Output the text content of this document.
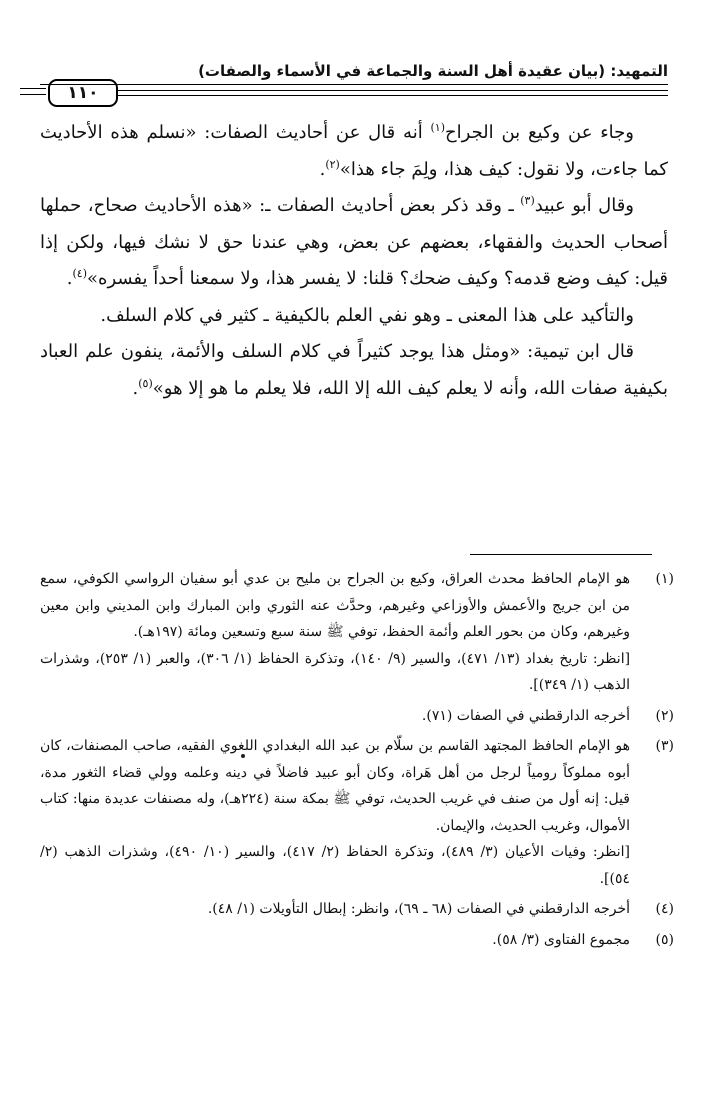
التمهيد: (بيان عقيدة أهل السنة والجماعة في الأسماء والصفات)
١١٠

وجاء عن وكيع بن الجراح$^{(١)}$ أنه قال عن أحاديث الصفات: «نسلم هذه الأحاديث كما جاءت، ولا نقول: كيف هذا، ولِمَ جاء هذا»$^{(٢)}$.

وقال أبو عبيد$^{(٣)}$ ـ وقد ذكر بعض أحاديث الصفات ـ: «هذه الأحاديث صحاح، حملها أصحاب الحديث والفقهاء، بعضهم عن بعض، وهي عندنا حق لا نشك فيها، ولكن إذا قيل: كيف وضع قدمه؟ وكيف ضحك؟ قلنا: لا يفسر هذا، ولا سمعنا أحداً يفسره»$^{(٤)}$.

والتأكيد على هذا المعنى ـ وهو نفي العلم بالكيفية ـ كثير في كلام السلف.

قال ابن تيمية: «ومثل هذا يوجد كثيراً في كلام السلف والأئمة، ينفون علم العباد بكيفية صفات الله، وأنه لا يعلم كيف الله إلا الله، فلا يعلم ما هو إلا هو»$^{(٥)}$.

(١)
هو الإمام الحافظ محدث العراق، وكيع بن الجراح بن مليح بن عدي أبو سفيان الرواسي الكوفي، سمع من ابن جريج والأعمش والأوزاعي وغيرهم، وحدَّث عنه الثوري وابن المبارك وابن المديني وابن معين وغيرهم، وكان من بحور العلم وأئمة الحفظ، توفي ﷺ سنة سبع وتسعين ومائة (١٩٧هـ).
[انظر: تاريخ بغداد (١٣/ ٤٧١)، والسير (٩/ ١٤٠)، وتذكرة الحفاظ (١/ ٣٠٦)، والعبر (١/ ٢٥٣)، وشذرات الذهب (١/ ٣٤٩)].
(٢)
أخرجه الدارقطني في الصفات (٧١).
(٣)
هو الإمام الحافظ المجتهد القاسم بن سلّام بن عبد الله البغدادي اللغوي الفقيه، صاحب المصنفات، كان أبوه مملوكاً رومياً لرجل من أهل هَراة، وكان أبو عبيد فاضلاً في دينه وعلمه وولي قضاء الثغور مدة، قيل: إنه أول من صنف في غريب الحديث، توفي ﷺ بمكة سنة (٢٢٤هـ)، وله مصنفات عديدة منها: كتاب الأموال، وغريب الحديث، والإيمان.
[انظر: وفيات الأعيان (٣/ ٤٨٩)، وتذكرة الحفاظ (٢/ ٤١٧)، والسير (١٠/ ٤٩٠)، وشذرات الذهب (٢/ ٥٤)].
(٤)
أخرجه الدارقطني في الصفات (٦٨ ـ ٦٩)، وانظر: إبطال التأويلات (١/ ٤٨).
(٥)
مجموع الفتاوى (٣/ ٥٨).
